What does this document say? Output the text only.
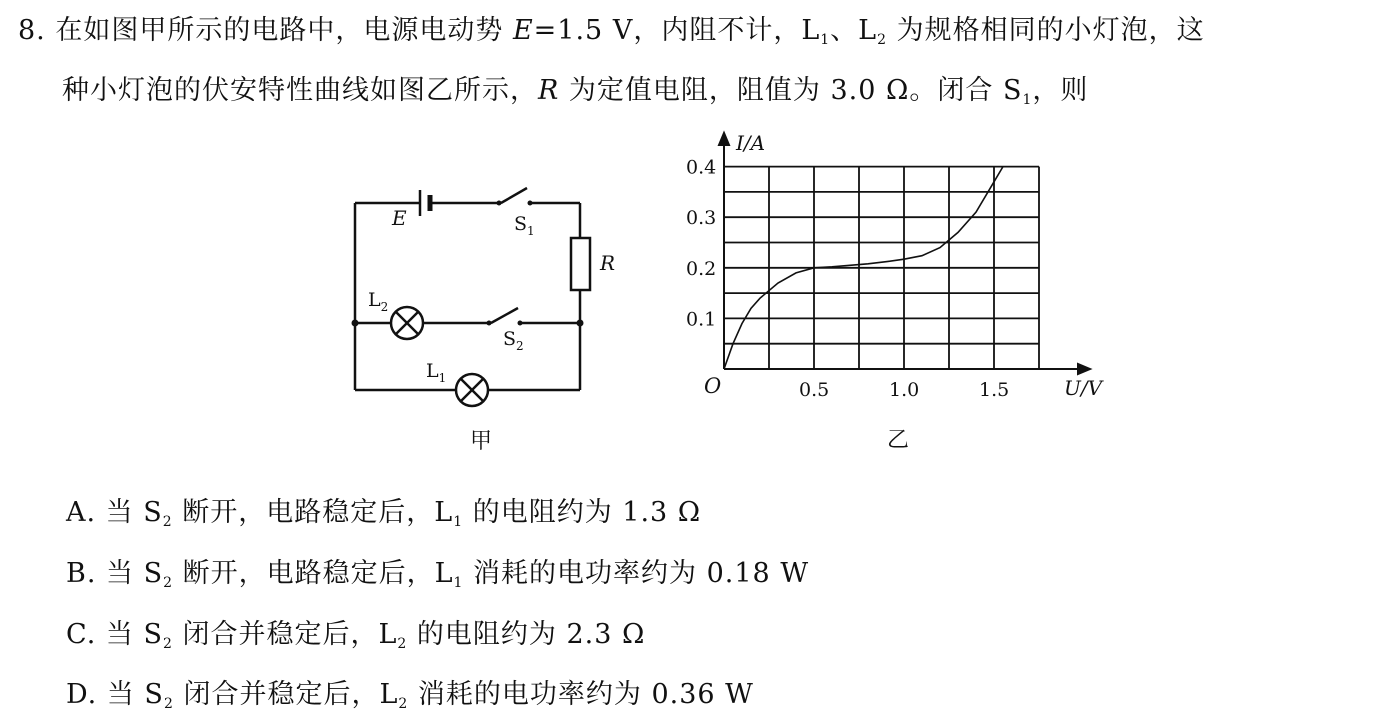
8. 在如图甲所示的电路中，电源电动势 E=1.5 V，内阻不计，$L_1$、$L_2$ 为规格相同的小灯泡，这
种小灯泡的伏安特性曲线如图乙所示，R 为定值电阻，阻值为 3.0 Ω。闭合 $S_1$，则
E	$S_1$
R
$L_2$
$S_2$
$L_1$
甲
I/A
U/V
O
0.1
0.2
0.3
0.4
0.5	1.0	1.5
乙
A. 当 $S_2$ 断开，电路稳定后，$L_1$ 的电阻约为 1.3 Ω
B. 当 $S_2$ 断开，电路稳定后，$L_1$ 消耗的电功率约为 0.18 W
C. 当 $S_2$ 闭合并稳定后，$L_2$ 的电阻约为 2.3 Ω
D. 当 $S_2$ 闭合并稳定后，$L_2$ 消耗的电功率约为 0.36 W
